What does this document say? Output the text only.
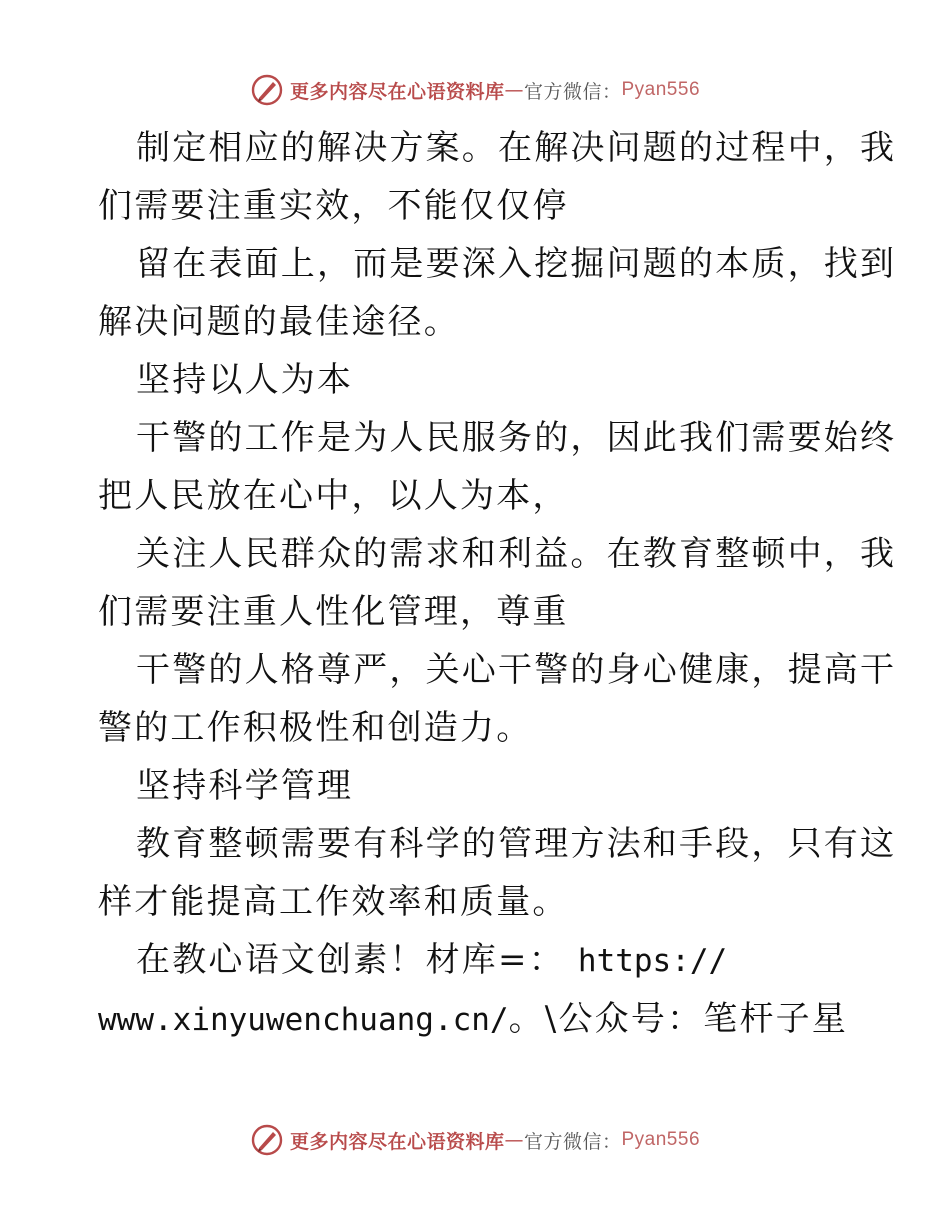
更多内容尽在心语资料库 — 官方微信： Pyan556

制定相应的解决方案。在解决问题的过程中，我

们需要注重实效，不能仅仅停

留在表面上，而是要深入挖掘问题的本质，找到

解决问题的最佳途径。

坚持以人为本

干警的工作是为人民服务的，因此我们需要始终

把人民放在心中，以人为本，

关注人民群众的需求和利益。在教育整顿中，我

们需要注重人性化管理，尊重

干警的人格尊严，关心干警的身心健康，提高干

警的工作积极性和创造力。

坚持科学管理

教育整顿需要有科学的管理方法和手段，只有这

样才能提高工作效率和质量。

在教心语文创素！材库=： https://

www.xinyuwenchuang.cn/。\公众号：笔杆子星

更多内容尽在心语资料库 — 官方微信： Pyan556
